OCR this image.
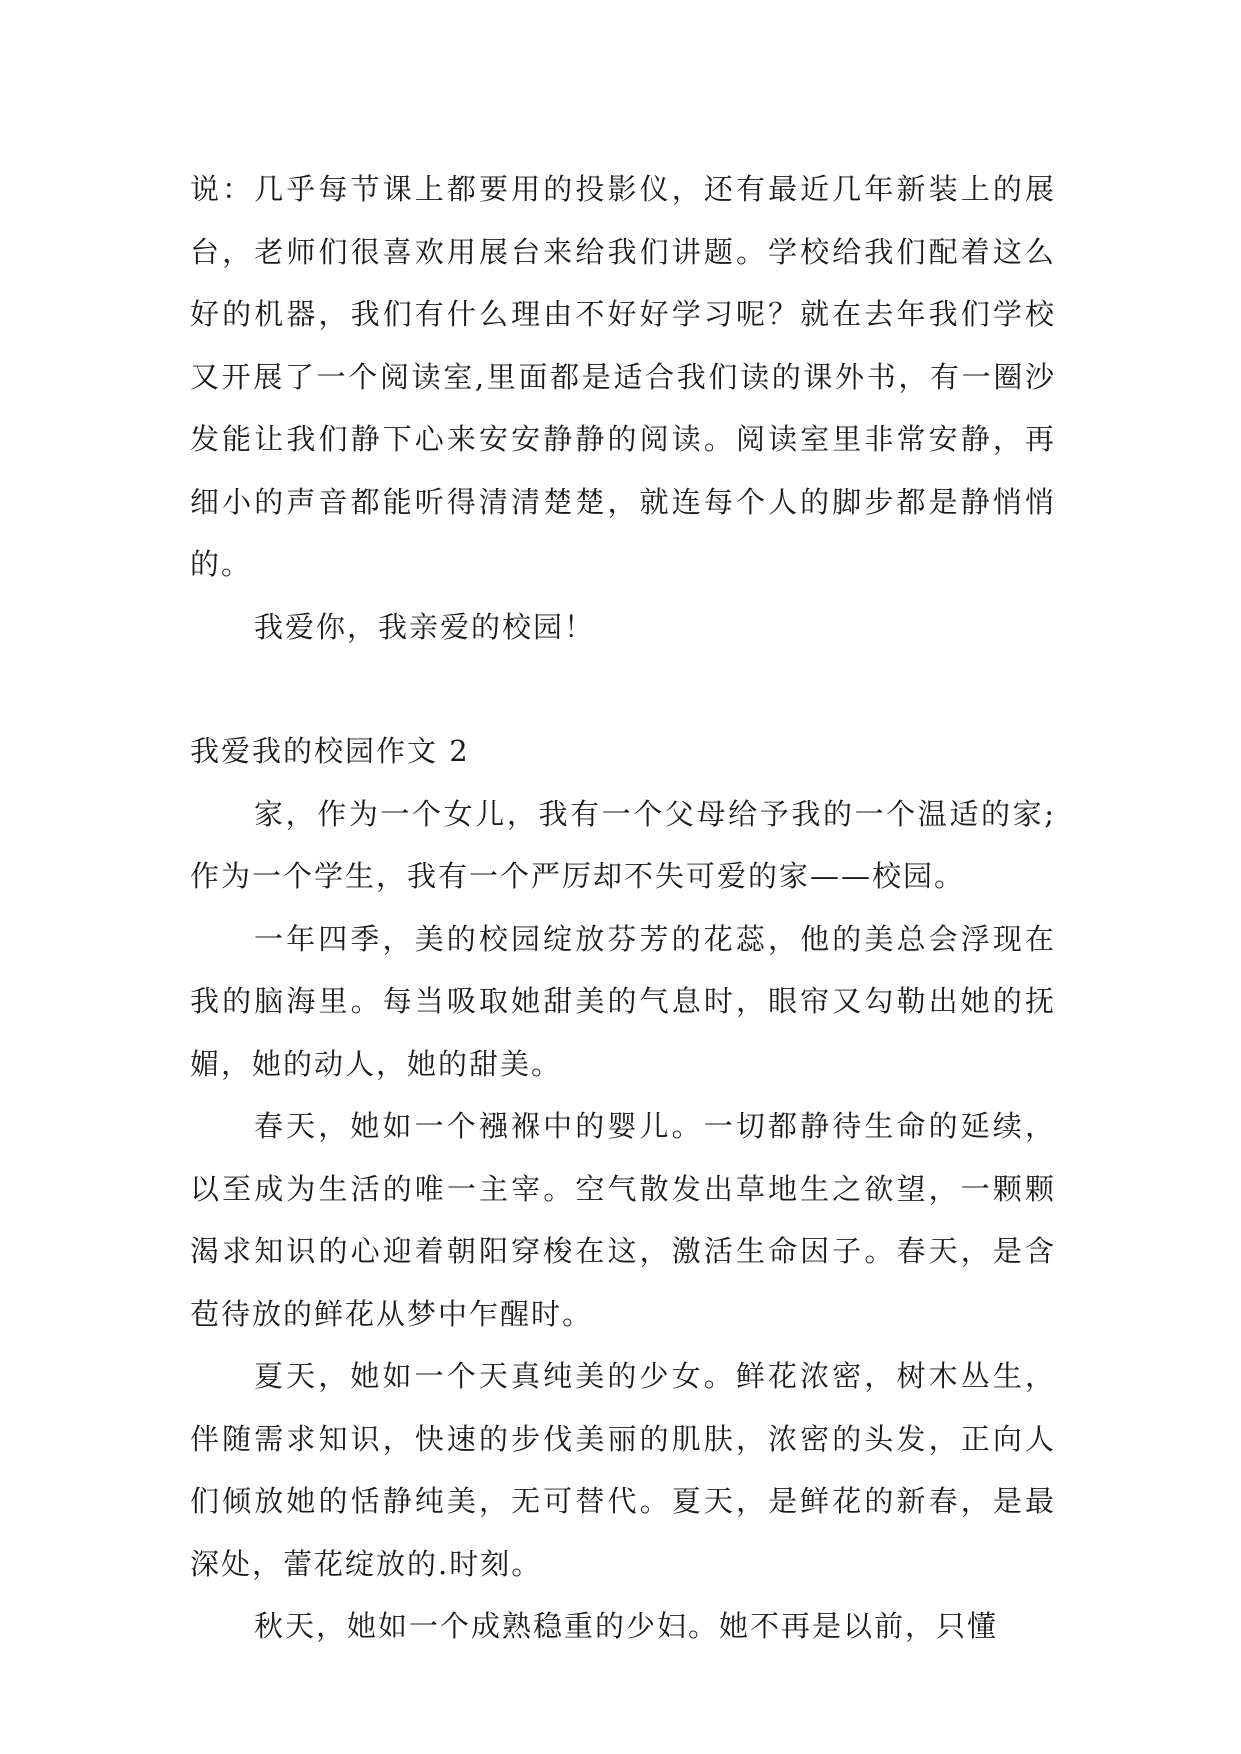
说：几乎每节课上都要用的投影仪，还有最近几年新装上的展台，老师们很喜欢用展台来给我们讲题。学校给我们配着这么好的机器，我们有什么理由不好好学习呢？就在去年我们学校又开展了一个阅读室,里面都是适合我们读的课外书，有一圈沙发能让我们静下心来安安静静的阅读。阅读室里非常安静，再细小的声音都能听得清清楚楚，就连每个人的脚步都是静悄悄的。

我爱你，我亲爱的校园！

我爱我的校园作文 2

家，作为一个女儿，我有一个父母给予我的一个温适的家;作为一个学生，我有一个严厉却不失可爱的家——校园。

一年四季，美的校园绽放芬芳的花蕊，他的美总会浮现在我的脑海里。每当吸取她甜美的气息时，眼帘又勾勒出她的抚媚，她的动人，她的甜美。

春天，她如一个襁褓中的婴儿。一切都静待生命的延续，以至成为生活的唯一主宰。空气散发出草地生之欲望，一颗颗渴求知识的心迎着朝阳穿梭在这，激活生命因子。春天，是含苞待放的鲜花从梦中乍醒时。

夏天，她如一个天真纯美的少女。鲜花浓密，树木丛生，伴随需求知识，快速的步伐美丽的肌肤，浓密的头发，正向人们倾放她的恬静纯美，无可替代。夏天，是鲜花的新春，是最深处，蕾花绽放的.时刻。

秋天，她如一个成熟稳重的少妇。她不再是以前，只懂
